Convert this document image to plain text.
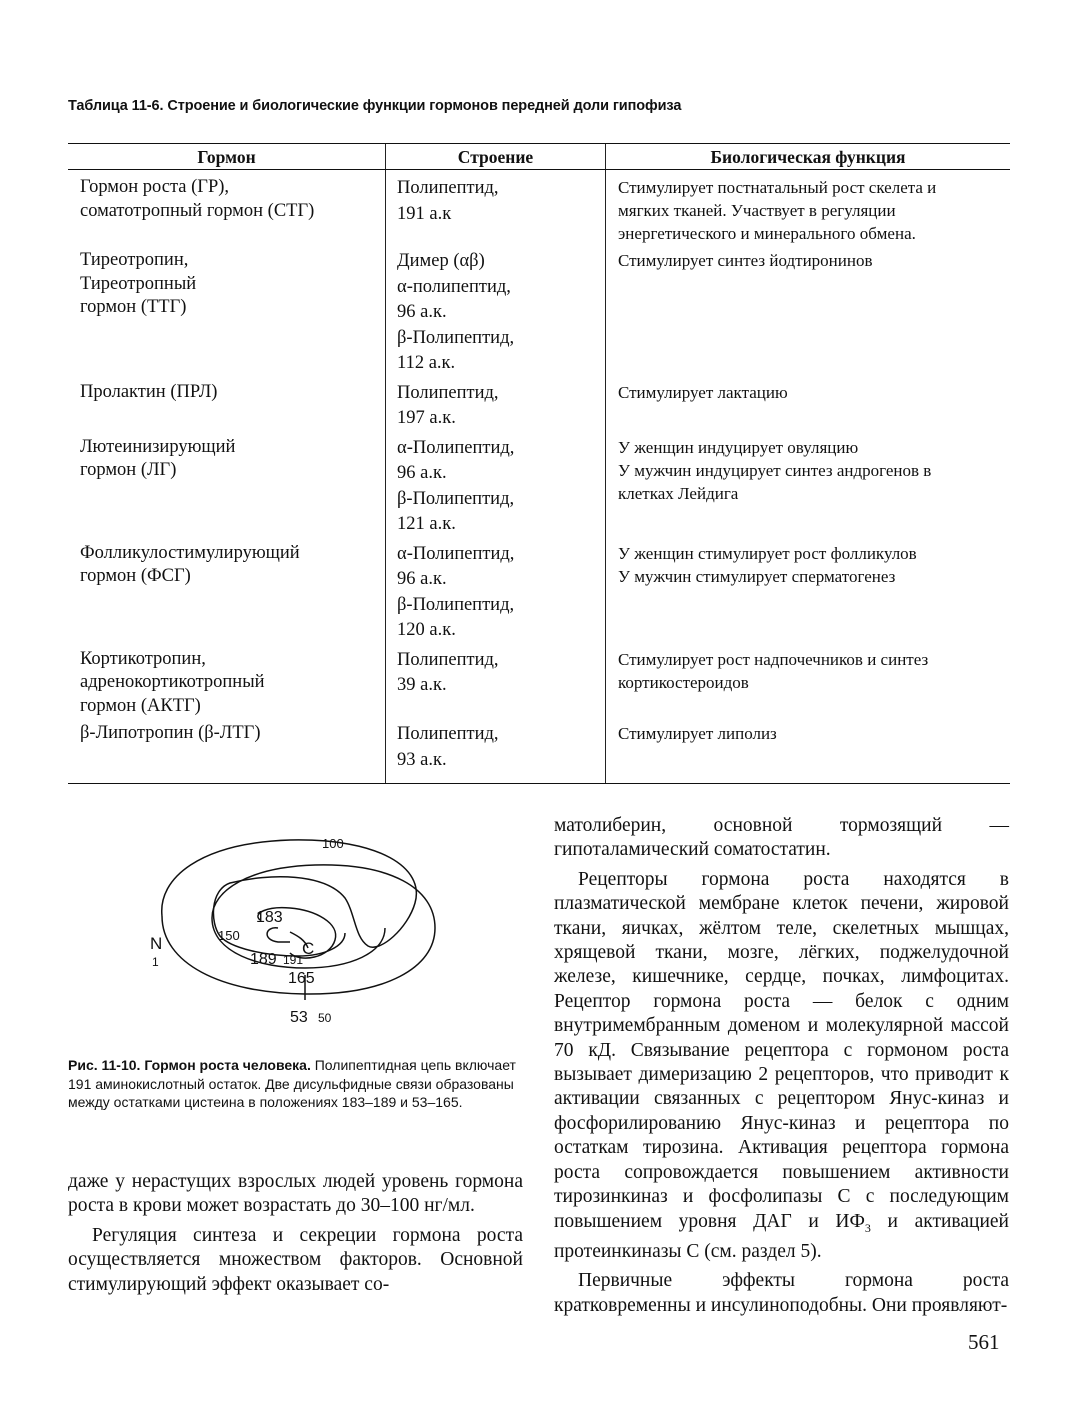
Таблица 11-6. Строение и биологические функции гормонов передней доли гипофиза
Гормон	Строение	Биологическая функция
Гормон роста (ГР),
соматотропный гормон (СТГ)
Тиреотропин,
Тиреотропный
гормон (ТТГ)
Пролактин (ПРЛ)
Лютеинизирующий
гормон (ЛГ)
Фолликулостимулирующий
гормон (ФСГ)
Кортикотропин,
адренокортикотропный
гормон (АКТГ)
β-Липотропин (β-ЛТГ)
Полипептид,
191 а.к
Димер (αβ)
α-полипептид,
96 а.к.
β-Полипептид,
112 а.к.
Полипептид,
197 а.к.
α-Полипептид,
96 а.к.
β-Полипептид,
121 а.к.
α-Полипептид,
96 а.к.
β-Полипептид,
120 а.к.
Полипептид,
39 а.к.
Полипептид,
93 а.к.
Стимулирует постнатальный рост скелета и
мягких тканей. Участвует в регуляции
энергетического и минерального обмена.
Стимулирует синтез йодтиронинов
Стимулирует лактацию
У женщин индуцирует овуляцию
У мужчин индуцирует синтез андрогенов в
клетках Лейдига
У женщин стимулирует рост фолликулов
У мужчин стимулирует сперматогенез
Стимулирует рост надпочечников и синтез
кортикостероидов
Стимулирует липолиз
N
1
100
150
183
C
189 191
165
53 50
Рис. 11-10. Гормон роста человека. Полипептидная цепь включает 191 аминокислотный остаток. Две дисульфидные связи образованы между остатками цистеина в положениях 183–189 и 53–165.

даже у нерастущих взрослых людей уровень гормона роста в крови может возрастать до 30–100 нг/мл.

Регуляция синтеза и секреции гормона роста осуществляется множеством факторов. Основной стимулирующий эффект оказывает со-

матолиберин, основной тормозящий — гипоталамический соматостатин.

Рецепторы гормона роста находятся в плазматической мембране клеток печени, жировой ткани, яичках, жёлтом теле, скелетных мышцах, хрящевой ткани, мозге, лёгких, поджелудочной железе, кишечнике, сердце, почках, лимфоцитах. Рецептор гормона роста — белок с одним внутримембранным доменом и молекулярной массой 70 кД. Связывание рецептора с гормоном роста вызывает димеризацию 2 рецепторов, что приводит к активации связанных с рецептором Янус-киназ и фосфорилированию Янус-киназ и рецептора по остаткам тирозина. Активация рецептора гормона роста сопровождается повышением активности тирозинкиназ и фосфолипазы С с последующим повышением уровня ДАГ и $ИФ_3$ и активацией протеинкиназы С (см. раздел 5).

Первичные эффекты гормона роста кратковременны и инсулиноподобны. Они проявляют-

561
